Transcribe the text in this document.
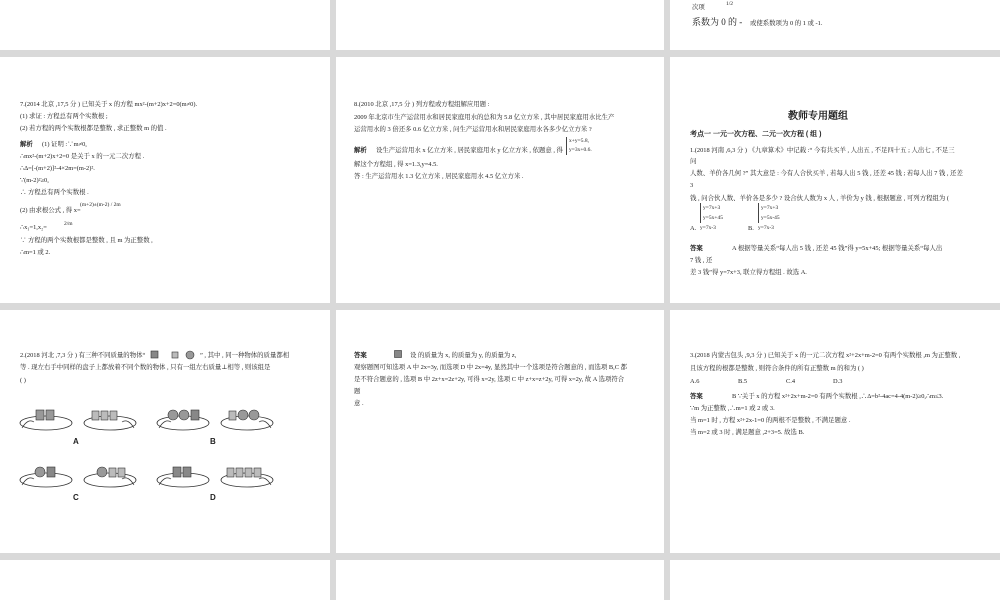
次项	1/2
系数为 0 的 - 或使系数项为 0 的 1 或 -1.
7.(2014 北京 ,17,5 分 ) 已知关于 x 的方程 mx²-(m+2)x+2=0(m≠0).
(1) 求证 : 方程总有两个实数根 ;
(2) 若方程的两个实数根都是整数 , 求正整数 m 的值 .
解析 (1) 证明 :∵m≠0,
∴mx²-(m+2)x+2=0 是关于 x 的一元二次方程 .
∴Δ=[-(m+2)]²-4×2m=(m-2)².
∵(m-2)²≥0,
∴ 方程总有两个实数根 .
(2) 由求根公式 , 得 x=
(m+2)±(m-2) / 2m
∴x₁=1,x₂=	2/m
∵ 方程的两个实数根都是整数 , 且 m 为正整数 ,
∴m=1 或 2.
8.(2010 北京 ,17,5 分 ) 列方程或方程组解应用题 :
2009 年北京市生产运营用水和居民家庭用水的总和为 5.8 亿立方米 , 其中居民家庭用水比生产
运营用水的 3 倍还多 0.6 亿立方米 , 问生产运营用水和居民家庭用水各多少亿立方米 ?
解析 设生产运营用水 x 亿立方米 , 居民家庭用水 y 亿立方米 , 依题意 , 得
x+y=5.8,
y=3x+0.6.
解这个方程组 , 得 x=1.3,y=4.5.
答 : 生产运营用水 1.3 亿立方米 , 居民家庭用水 4.5 亿立方米 .
教师专用题组
考点一 一元一次方程、二元一次方程 ( 组 )
1.(2018 河南 ,6,3 分 ) 《九章算术》中记载 :“ 今有共买羊 , 人出五 , 不足四十五 ; 人出七 , 不足三
问
人数、羊价各几何 ?” 其大意是 : 今有人合伙买羊 , 若每人出 5 钱 , 还差 45 钱 ; 若每人出 7 钱 , 还差
3
钱 , 问合伙人数、羊价各是多少 ? 设合伙人数为 x 人 , 羊价为 y 钱 , 根据题意 , 可列方程组为 (
y=7x+3
y=5x+45
y=7x+3
y=5x-45
A. y=7x-3	B. y=7x-3
答案	A 根据等量关系“每人出 5 钱 , 还差 45 钱”得 y=5x+45; 根据等量关系“每人出
7 钱 , 还
差 3 钱”得 y=7x+3, 联立得方程组 . 故选 A.
2.(2018 河北 ,7,3 分 ) 有三种不同质量的物体“	” , 其中 , 同一种物体的质量都相
等 . 现左右手中同样的盘子上都放着不同个数的物体 , 只有一组左右质量⊥相等 , 则该组是
( )
A	B
C	D
答案	设 的质量为 x, 的质量为 y, 的质量为 z,
观察题图可知选项 A 中 2x=3y, 而选项 D 中 2x=4y, 显然其中一个选项是符合题意的 , 而选项 B,C 都
是不符合题意的 , 选项 B 中 2z+x=2z+2y, 可得 x=2y, 选项 C 中 z+x=z+2y, 可得 x=2y, 故 A 选项符合
题
意 .
3.(2018 内蒙古包头 ,9,3 分 ) 已知关于 x 的一元二次方程 x²+2x+m-2=0 有两个实数根 ,m 为正整数 ,
且该方程的根都是整数 , 则符合条件的所有正整数 m 的和为 ( )
A.6	B.5	C.4	D.3
答案	B ∵关于 x 的方程 x²+2x+m-2=0 有两个实数根 ,∴Δ=b²-4ac=4-4(m-2)≥0,∴m≤3.
∵m 为正整数 ,∴m=1 或 2 或 3.
当 m=1 时 , 方程 x²+2x-1=0 的两根不是整数 , 不满足题意 .
当 m=2 或 3 时 , 满足题意 ,2+3=5. 故选 B.
